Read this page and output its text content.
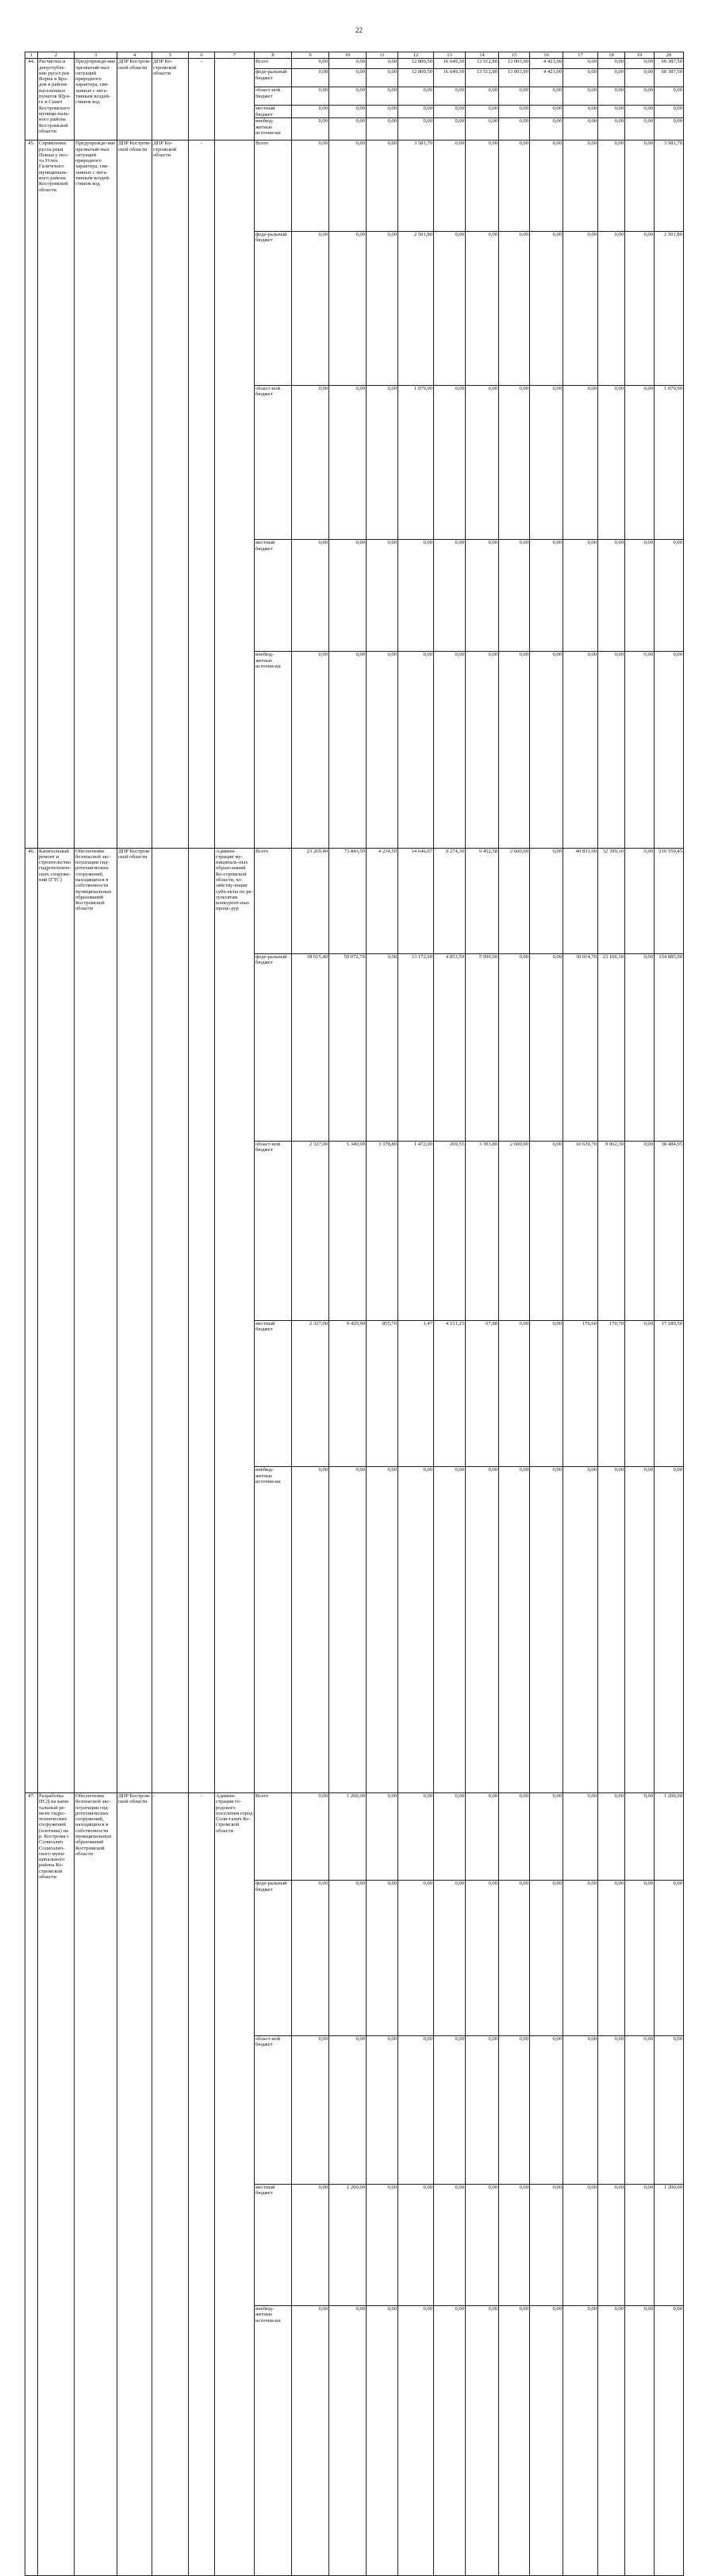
22
1	2	3	4	5	6	7	8	9	10	11	12	13	14	15	16	17	18	19	20	
44.	Расчистка и дноуглубле-ние русел рек Ворна и Бро-дов в районе населенных пунктов Щун-ге и Самет Костромского муници-паль-ного района Костромской области	Предупрежде-ние чрезвычай-ных ситуаций природного характера, свя-занных с нега-тивным воздей-ствием вод	ДПР Костром-ской области	ДПР Ко-стромской области	-		Всего	0,00	0,00	0,00	12 800,50	16 649,30	13 512,80	13 003,90	4 421,00	0,00	0,00	0,00	60 387,50	
							феде-ральный бюджет	0,00	0,00	0,00	12 800,50	16 649,30	13 512,80	13 003,90	4 421,00	0,00	0,00	0,00	60 387,50	
							област-ной бюджет	0,00	0,00	0,00	0,00	0,00	0,00	0,00	0,00	0,00	0,00	0,00	0,00	
							местный бюджет	0,00	0,00	0,00	0,00	0,00	0,00	0,00	0,00	0,00	0,00	0,00	0,00	
							внебюд-жетные источни-ки	0,00	0,00	0,00	0,00	0,00	0,00	0,00	0,00	0,00	0,00	0,00	0,00	
45.	Спрямление русла реки Пекша у пос-та Углен Галичского муниципаль-ного района Костромской области	Предупрежде-ние чрезвычай-ных ситуаций природного характера, свя-занных с нега-тивным воздей-ствием вод	ДПР Костром-ской области	ДПР Ко-стромской области	-		Всего	0,00	0,00	0,00	3 581,70	0,00	0,00	0,00	0,00	0,00	0,00	0,00	3 581,70	
							феде-ральный бюджет	0,00	0,00	0,00	2 501,80	0,00	0,00	0,00	0,00	0,00	0,00	0,00	2 501,80	
							област-ной бюджет	0,00	0,00	0,00	1 079,90	0,00	0,00	0,00	0,00	0,00	0,00	0,00	1 079,90	
							местный бюджет	0,00	0,00	0,00	0,00	0,00	0,00	0,00	0,00	0,00	0,00	0,00	0,00	
							внебюд-жетные источни-ки	0,00	0,00	0,00	0,00	0,00	0,00	0,00	0,00	0,00	0,00	0,00	0,00	
46.	Капитальный ремонт и строительство гидротехниче-ских сооруже-ний (ГТС)	Обеспечение безопасной экс-плуатации гид-ротехнических сооружений, находящихся в собственности муниципальных образований Костромской области	ДПР Костром-ской области			Админи-страции му-ниципаль-ных образо-ваний Ко-стромской области, хо-зяйству-ющие субъ-екты по ре-зультатам конкурент-ных проце-дур	Всего	23 269,40	73 843,50	4 234,50	14 646,07	9 274,30	9 452,58	2 600,00	0,00	40 831,00	32 399,10	0,00	210 550,45	
							феде-ральный бюджет	18 615,40	59 072,70	0,00	13 172,60	4 853,50	5 990,90	0,00	0,00	30 014,70	23 166,10	0,00	154 885,90	
							област-ной бюджет	2 327,00	5 340,90	3 378,80	1 472,00	269,55	3 393,80	2 600,00	0,00	10 639,70	9 062,30	0,00	38 484,05	
							местный бюджет	2 327,00	9 429,90	855,70	1,47	4 151,25	67,88	0,00	0,00	176,60	170,70	0,00	17 180,50	
							внебюд-жетные источни-ки	0,00	0,00	0,00	0,00	0,00	0,00	0,00	0,00	0,00	0,00	0,00	0,00	
47.	Разработка ПСД на капи-тальный ре-монт гидро-технических сооружений (плотины) на р. Кострома г. Солигалич Солигалич-ского муни-ципального района Ко-стромской области	Обеспечение безопасной экс-плуатации гид-ротехнических сооружений, находящихся в собственности муниципальных образований Костромской области	ДПР Костром-ской области	-	-	Админи-страция го-родского поселения город Соли-галич Ко-стромской области	Всего	0,00	1 200,00	0,00	0,00	0,00	0,00	0,00	0,00	0,00	0,00	0,00	1 200,00	
							феде-ральный бюджет	0,00	0,00	0,00	0,00	0,00	0,00	0,00	0,00	0,00	0,00	0,00	0,00	
							област-ной бюджет	0,00	0,00	0,00	0,00	0,00	0,00	0,00	0,00	0,00	0,00	0,00	0,00	
							местный бюджет	0,00	1 200,00	0,00	0,00	0,00	0,00	0,00	0,00	0,00	0,00	0,00	1 200,00	
							внебюд-жетные источни-ки	0,00	0,00	0,00	0,00	0,00	0,00	0,00	0,00	0,00	0,00	0,00	0,00	
